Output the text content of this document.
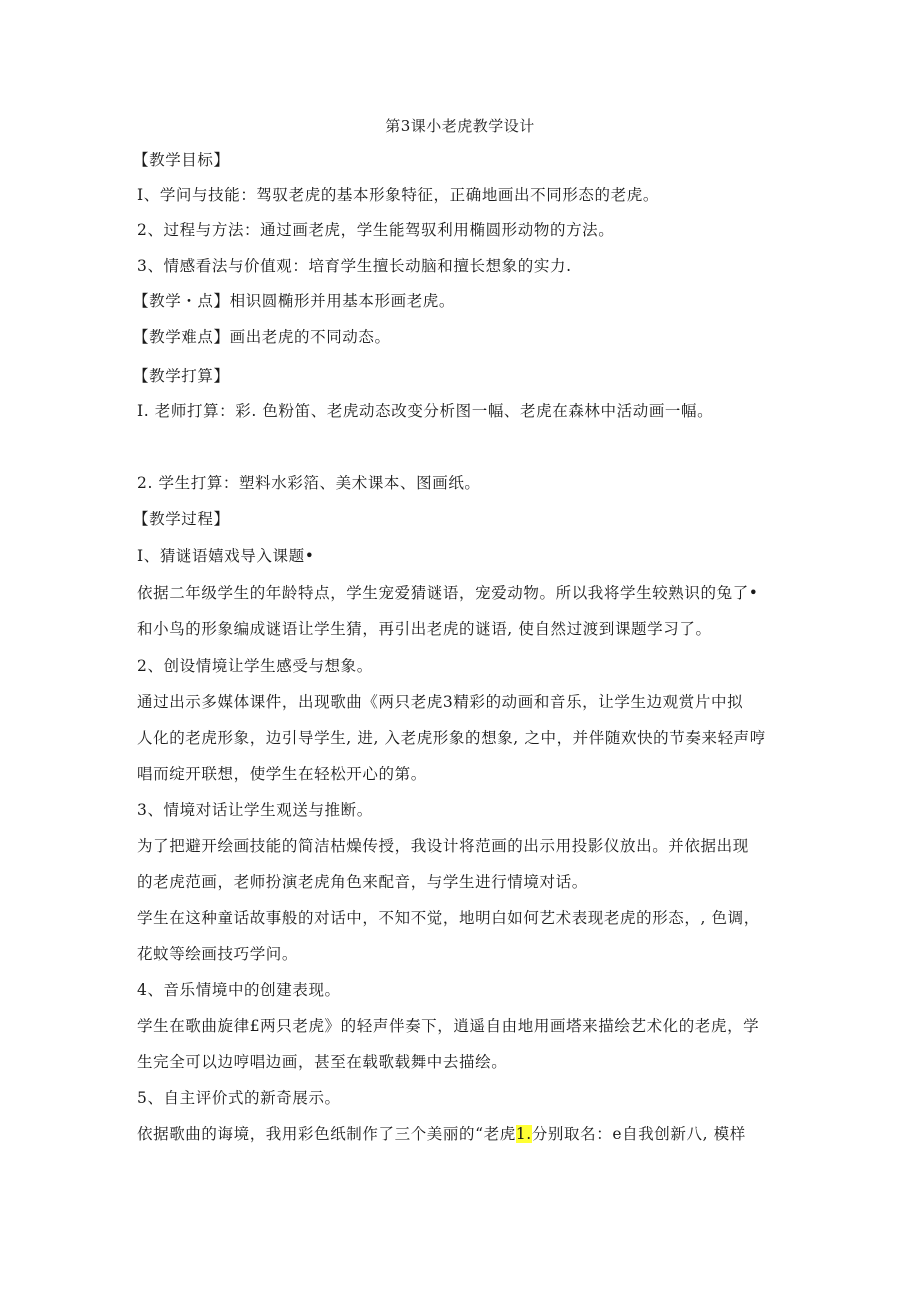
第3课小老虎教学设计
【教学目标】
I、学问与技能：驾驭老虎的基本形象特征，正确地画出不同形态的老虎。
2、过程与方法：通过画老虎，学生能驾驭利用椭圆形动物的方法。
3、情感看法与价值观：培育学生擅长动脑和擅长想象的实力.
【教学・点】相识圆椭形并用基本形画老虎。
【教学难点】画出老虎的不同动态。
【教学打算】
I. 老师打算：彩. 色粉笛、老虎动态改变分析图一幅、老虎在森林中活动画一幅。
2. 学生打算：塑料水彩箔、美术课本、图画纸。
【教学过程】
I、猜谜语嬉戏导入课题•
依据二年级学生的年龄特点，学生宠爱猜谜语，宠爱动物。所以我将学生较熟识的兔了•
和小鸟的形象编成谜语让学生猜，再引出老虎的谜语, 使自然过渡到课题学习了。
2、创设情境让学生感受与想象。
通过出示多媒体课件，出现歌曲《两只老虎3精彩的动画和音乐，让学生边观赏片中拟
人化的老虎形象，边引导学生, 进, 入老虎形象的想象, 之中，并伴随欢快的节奏来轻声哼
唱而绽开联想，使学生在轻松开心的第。
3、情境对话让学生观送与推断。
为了把避开绘画技能的简洁枯燥传授，我设计将范画的出示用投影仪放出。并依据出现
的老虎范画，老师扮演老虎角色来配音，与学生进行情境对话。
学生在这种童话故事般的对话中，不知不觉，地明白如何艺术表现老虎的形态，, 色调，
花蚊等绘画技巧学问。
4、音乐情境中的创建表现。
学生在歌曲旋律£两只老虎》的轻声伴奏下，逍遥自由地用画塔来描绘艺术化的老虎，学
生完全可以边哼唱边画，甚至在载歌载舞中去描绘。
5、自主评价式的新奇展示。
依据歌曲的诲境，我用彩色纸制作了三个美丽的“老虎1.分别取名：e自我创新八, 模样
